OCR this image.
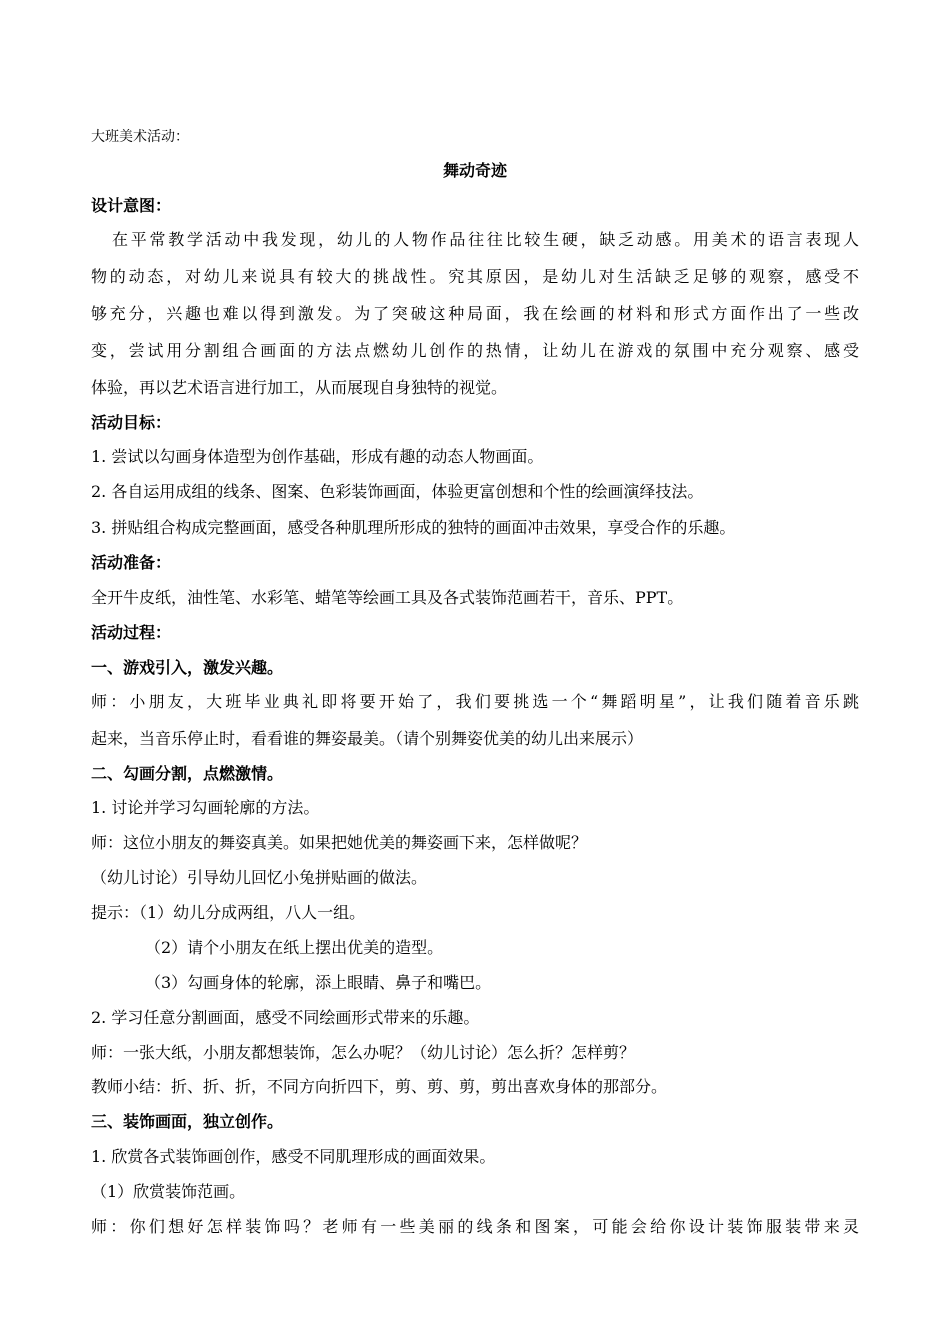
大班美术活动：
舞动奇迹
设计意图：
在平常教学活动中我发现，幼儿的人物作品往往比较生硬，缺乏动感。用美术的语言表现人
物的动态，对幼儿来说具有较大的挑战性。究其原因，是幼儿对生活缺乏足够的观察，感受不
够充分，兴趣也难以得到激发。为了突破这种局面，我在绘画的材料和形式方面作出了一些改
变，尝试用分割组合画面的方法点燃幼儿创作的热情，让幼儿在游戏的氛围中充分观察、感受
体验，再以艺术语言进行加工，从而展现自身独特的视觉。
活动目标：
1. 尝试以勾画身体造型为创作基础，形成有趣的动态人物画面。
2. 各自运用成组的线条、图案、色彩装饰画面，体验更富创想和个性的绘画演绎技法。
3. 拼贴组合构成完整画面，感受各种肌理所形成的独特的画面冲击效果，享受合作的乐趣。
活动准备：
全开牛皮纸，油性笔、水彩笔、蜡笔等绘画工具及各式装饰范画若干，音乐、PPT。
活动过程：
一、游戏引入，激发兴趣。
师：小朋友，大班毕业典礼即将要开始了，我们要挑选一个“舞蹈明星”，让我们随着音乐跳
起来，当音乐停止时，看看谁的舞姿最美。（请个别舞姿优美的幼儿出来展示）
二、勾画分割，点燃激情。
1. 讨论并学习勾画轮廓的方法。
师：这位小朋友的舞姿真美。如果把她优美的舞姿画下来，怎样做呢？
（幼儿讨论）引导幼儿回忆小兔拼贴画的做法。
提示：（1）幼儿分成两组，八人一组。
（2）请个小朋友在纸上摆出优美的造型。
（3）勾画身体的轮廓，添上眼睛、鼻子和嘴巴。
2. 学习任意分割画面，感受不同绘画形式带来的乐趣。
师：一张大纸，小朋友都想装饰，怎么办呢？（幼儿讨论）怎么折？怎样剪？
教师小结：折、折、折，不同方向折四下，剪、剪、剪，剪出喜欢身体的那部分。
三、装饰画面，独立创作。
1. 欣赏各式装饰画创作，感受不同肌理形成的画面效果。
（1）欣赏装饰范画。
师：你们想好怎样装饰吗？老师有一些美丽的线条和图案，可能会给你设计装饰服装带来灵
